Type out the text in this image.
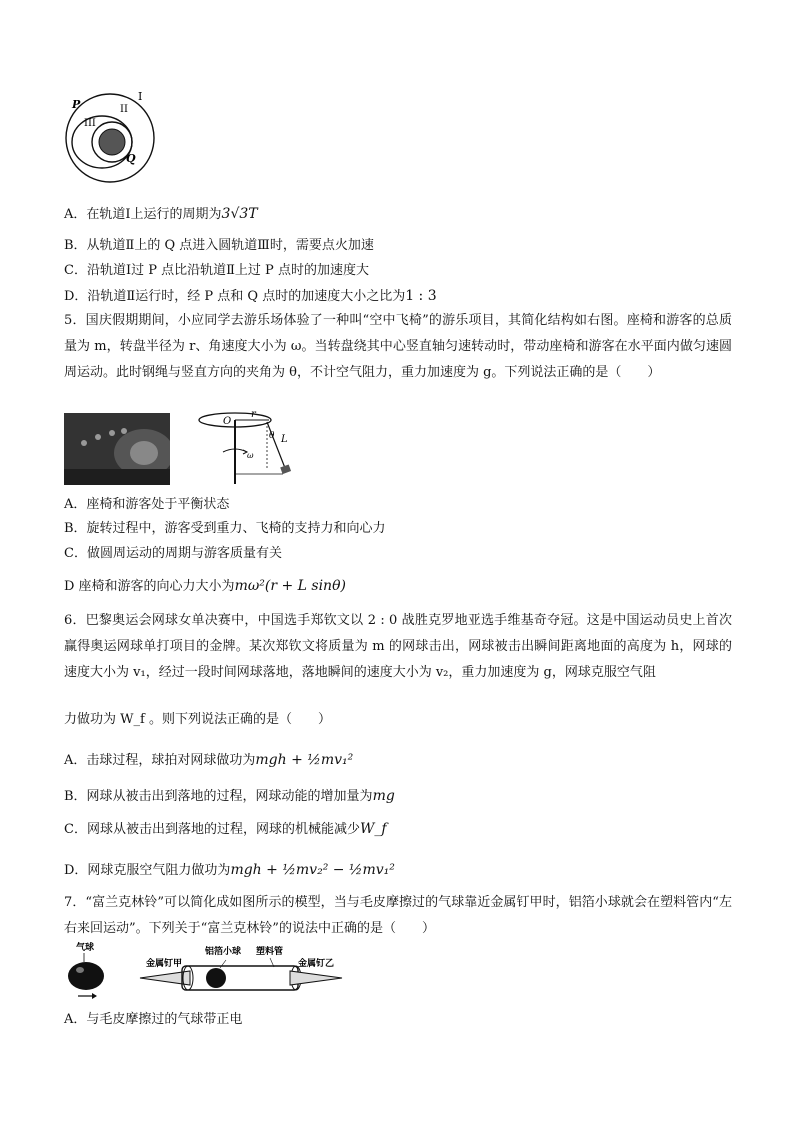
P
Q
I
II
III
A．在轨道Ⅰ上运行的周期为3√3T
B．从轨道Ⅱ上的 Q 点进入圆轨道Ⅲ时，需要点火加速
C．沿轨道Ⅰ过 P 点比沿轨道Ⅱ上过 P 点时的加速度大
D．沿轨道Ⅱ运行时，经 P 点和 Q 点时的加速度大小之比为1 : 3
5．国庆假期期间，小应同学去游乐场体验了一种叫“空中飞椅”的游乐项目，其简化结构如右图。座椅和游客的总质量为 m，转盘半径为 r、角速度大小为 ω。当转盘绕其中心竖直轴匀速转动时，带动座椅和游客在水平面内做匀速圆周运动。此时钢绳与竖直方向的夹角为 θ，不计空气阻力，重力加速度为 g。下列说法正确的是（　　）
O
r
θ L
ω
A．座椅和游客处于平衡状态
B．旋转过程中，游客受到重力、飞椅的支持力和向心力
C．做圆周运动的周期与游客质量有关
D 座椅和游客的向心力大小为mω²(r + L sinθ)
6．巴黎奥运会网球女单决赛中，中国选手郑钦文以 2 : 0 战胜克罗地亚选手维基奇夺冠。这是中国运动员史上首次赢得奥运网球单打项目的金牌。某次郑钦文将质量为 m 的网球击出，网球被击出瞬间距离地面的高度为 h，网球的速度大小为 v₁，经过一段时间网球落地，落地瞬间的速度大小为 v₂，重力加速度为 g，网球克服空气阻
力做功为 W_f 。则下列说法正确的是（　　）
A．击球过程，球拍对网球做功为mgh + ½mv₁²
B．网球从被击出到落地的过程，网球动能的增加量为mg
C．网球从被击出到落地的过程，网球的机械能减少W_f
D．网球克服空气阻力做功为mgh + ½mv₂² − ½mv₁²
7．“富兰克林铃”可以简化成如图所示的模型，当与毛皮摩擦过的气球靠近金属钉甲时，铝箔小球就会在塑料管内“左右来回运动”。下列关于“富兰克林铃”的说法中正确的是（　　）
气球
金属钉甲
铝箔小球 塑料管
金属钉乙
A．与毛皮摩擦过的气球带正电
